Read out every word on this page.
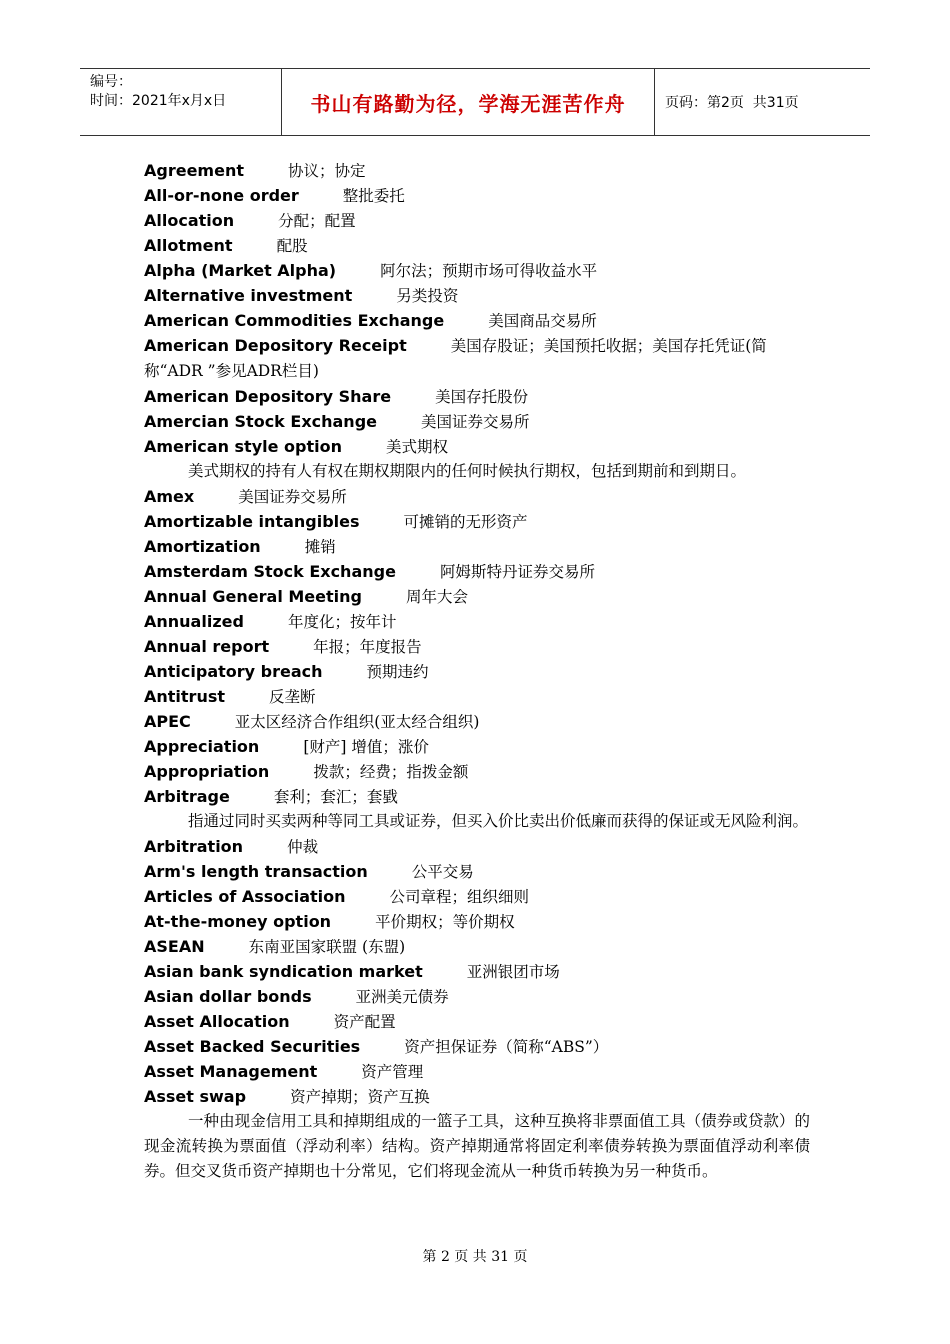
编号：
时间：2021年x月x日	书山有路勤为径，学海无涯苦作舟	页码：第2页  共31页
Agreement	协议；协定
All-or-none order	整批委托
Allocation	分配；配置
Allotment	配股
Alpha (Market Alpha)	阿尔法；预期市场可得收益水平
Alternative investment	另类投资
American Commodities Exchange	美国商品交易所
American Depository Receipt	美国存股证；美国预托收据；美国存托凭证(简称“ADR ”参见ADR栏目)
American Depository Share	美国存托股份
Amercian Stock Exchange	美国证券交易所
American style option	美式期权
美式期权的持有人有权在期权期限内的任何时候执行期权，包括到期前和到期日。
Amex	美国证券交易所
Amortizable intangibles	可摊销的无形资产
Amortization	摊销
Amsterdam Stock Exchange	阿姆斯特丹证券交易所
Annual General Meeting	周年大会
Annualized	年度化；按年计
Annual report	年报；年度报告
Anticipatory breach	预期违约
Antitrust	反垄断
APEC	亚太区经济合作组织(亚太经合组织)
Appreciation	[财产] 增值；涨价
Appropriation	拨款；经费；指拨金额
Arbitrage	套利；套汇；套戥
指通过同时买卖两种等同工具或证券，但买入价比卖出价低廉而获得的保证或无风险利润。
Arbitration	仲裁
Arm's length transaction	公平交易
Articles of Association	公司章程；组织细则
At-the-money option	平价期权；等价期权
ASEAN	东南亚国家联盟 (东盟)
Asian bank syndication market	亚洲银团市场
Asian dollar bonds	亚洲美元债券
Asset Allocation	资产配置
Asset Backed Securities	资产担保证券（简称“ABS”）
Asset Management	资产管理
Asset swap	资产掉期；资产互换
一种由现金信用工具和掉期组成的一篮子工具，这种互换将非票面值工具（债券或贷款）的现金流转换为票面值（浮动利率）结构。资产掉期通常将固定利率债券转换为票面值浮动利率债券。但交叉货币资产掉期也十分常见，它们将现金流从一种货币转换为另一种货币。
第 2 页 共 31 页
